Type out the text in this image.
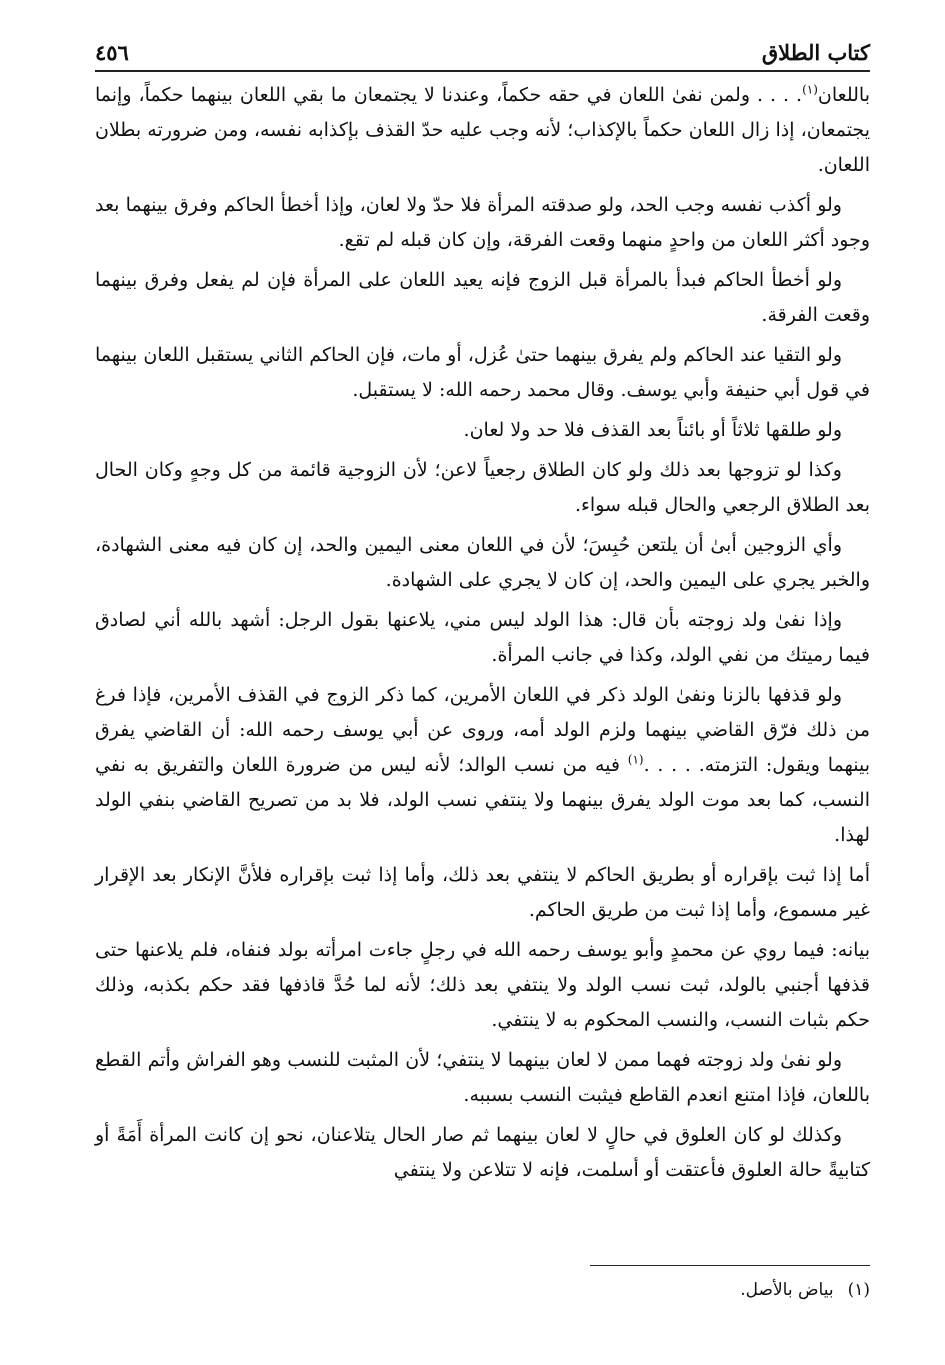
كتاب الطلاق
٤٥٦

باللعان$^{(١)}$. . . . ولمن نفىٰ اللعان في حقه حكماً، وعندنا لا يجتمعان ما بقي اللعان بينهما حكماً، وإنما يجتمعان، إذا زال اللعان حكماً بالإكذاب؛ لأنه وجب عليه حدّ القذف بإكذابه نفسه، ومن ضرورته بطلان اللعان.

ولو أكذب نفسه وجب الحد، ولو صدقته المرأة فلا حدّ ولا لعان، وإذا أخطأ الحاكم وفرق بينهما بعد وجود أكثر اللعان من واحدٍ منهما وقعت الفرقة، وإن كان قبله لم تقع.

ولو أخطأ الحاكم فبدأ بالمرأة قبل الزوج فإنه يعيد اللعان على المرأة فإن لم يفعل وفرق بينهما وقعت الفرقة.

ولو التقيا عند الحاكم ولم يفرق بينهما حتىٰ عُزل، أو مات، فإن الحاكم الثاني يستقبل اللعان بينهما في قول أبي حنيفة وأبي يوسف. وقال محمد رحمه الله: لا يستقبل.

ولو طلقها ثلاثاً أو بائناً بعد القذف فلا حد ولا لعان.

وكذا لو تزوجها بعد ذلك ولو كان الطلاق رجعياً لاعن؛ لأن الزوجية قائمة من كل وجهٍ وكان الحال بعد الطلاق الرجعي والحال قبله سواء.

وأي الزوجين أبىٰ أن يلتعن حُبِسَ؛ لأن في اللعان معنى اليمين والحد، إن كان فيه معنى الشهادة، والخبر يجري على اليمين والحد، إن كان لا يجري على الشهادة.

وإذا نفىٰ ولد زوجته بأن قال: هذا الولد ليس مني، يلاعنها بقول الرجل: أشهد بالله أني لصادق فيما رميتك من نفي الولد، وكذا في جانب المرأة.

ولو قذفها بالزنا ونفىٰ الولد ذكر في اللعان الأمرين، كما ذكر الزوج في القذف الأمرين، فإذا فرغ من ذلك فرّق القاضي بينهما ولزم الولد أمه، وروى عن أبي يوسف رحمه الله: أن القاضي يفرق بينهما ويقول: التزمته. . . . .$^{(١)}$ فيه من نسب الوالد؛ لأنه ليس من ضرورة اللعان والتفريق به نفي النسب، كما بعد موت الولد يفرق بينهما ولا ينتفي نسب الولد، فلا بد من تصريح القاضي بنفي الولد لهذا.

أما إذا ثبت بإقراره أو بطريق الحاكم لا ينتفي بعد ذلك، وأما إذا ثبت بإقراره فلأنَّ الإنكار بعد الإقرار غير مسموع، وأما إذا ثبت من طريق الحاكم.

بيانه: فيما روي عن محمدٍ وأبو يوسف رحمه الله في رجلٍ جاءت امرأته بولد فنفاه، فلم يلاعنها حتى قذفها أجنبي بالولد، ثبت نسب الولد ولا ينتفي بعد ذلك؛ لأنه لما حُدَّ قاذفها فقد حكم بكذبه، وذلك حكم بثبات النسب، والنسب المحكوم به لا ينتفي.

ولو نفىٰ ولد زوجته فهما ممن لا لعان بينهما لا ينتفي؛ لأن المثبت للنسب وهو الفراش وأتم القطع باللعان، فإذا امتنع انعدم القاطع فيثبت النسب بسببه.

وكذلك لو كان العلوق في حالٍ لا لعان بينهما ثم صار الحال يتلاعنان، نحو إن كانت المرأة أَمَةً أو كتابيةً حالة العلوق فأعتقت أو أسلمت، فإنه لا تتلاعن ولا ينتفي

(١)بياض بالأصل.
